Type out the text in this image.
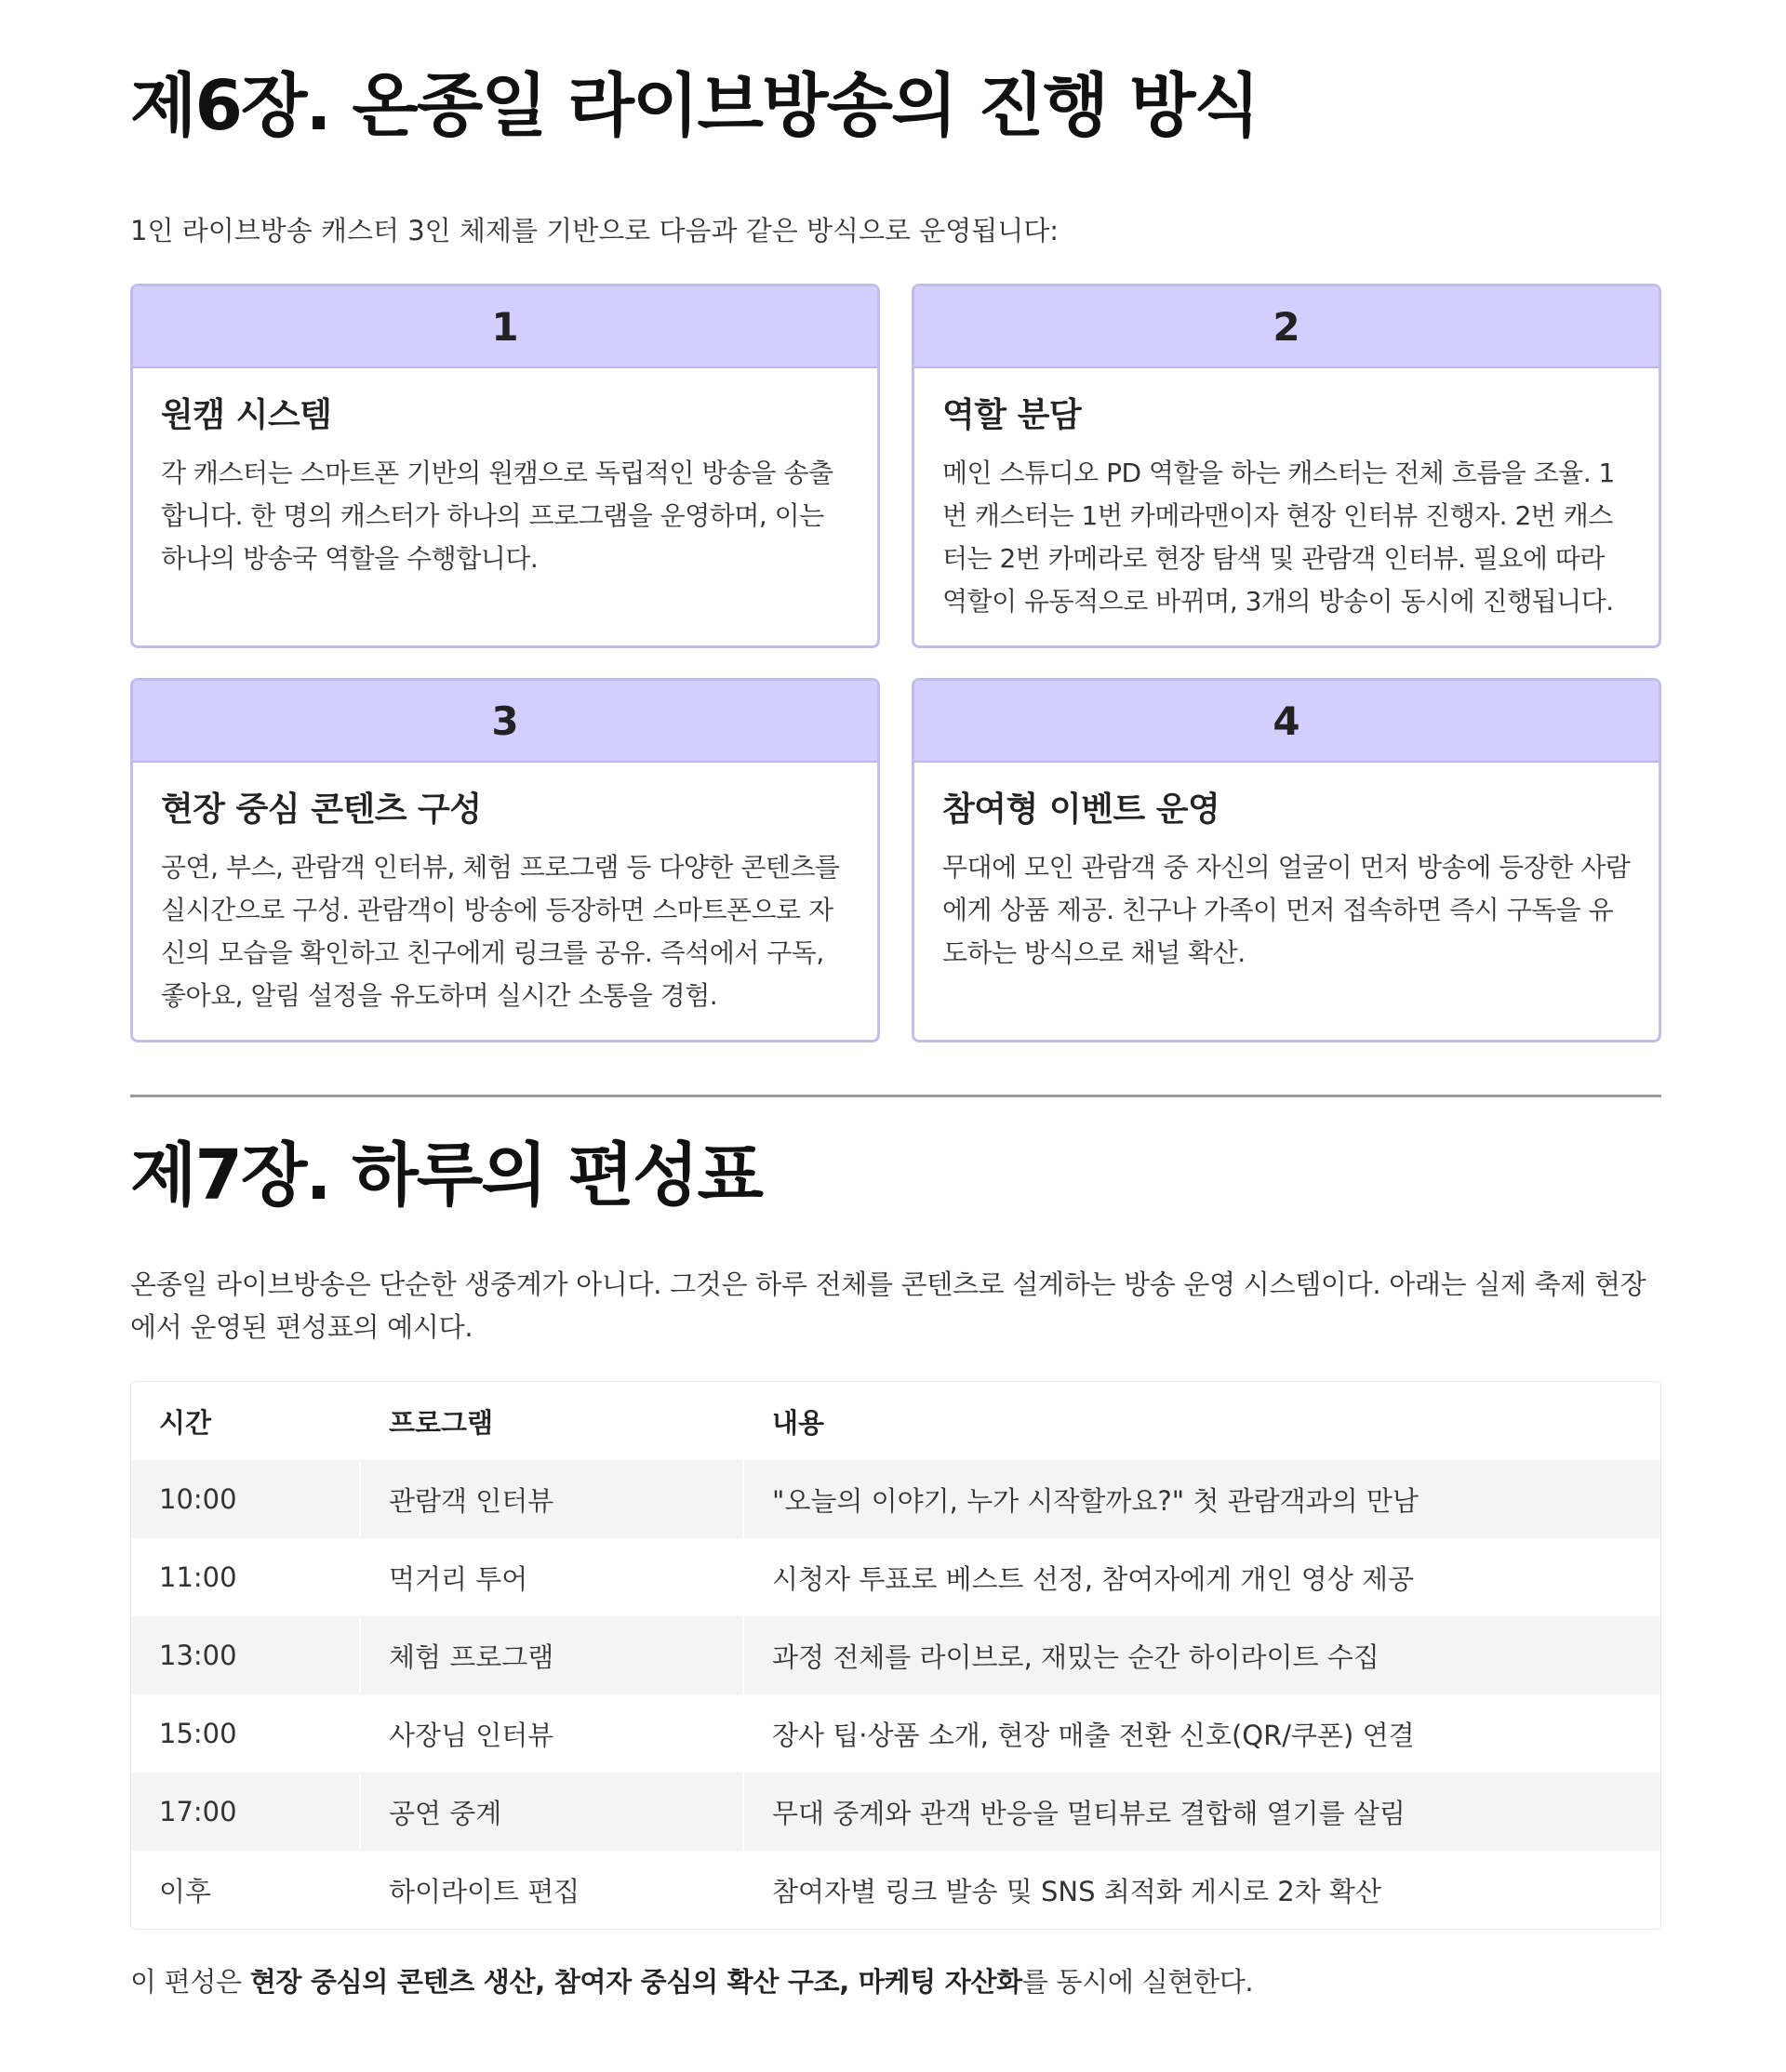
제6장. 온종일 라이브방송의 진행 방식
1인 라이브방송 캐스터 3인 체제를 기반으로 다음과 같은 방식으로 운영됩니다:
1

원캠 시스템

각 캐스터는 스마트폰 기반의 원캠으로 독립적인 방송을 송출합니다. 한 명의 캐스터가 하나의 프로그램을 운영하며, 이는 하나의 방송국 역할을 수행합니다.

2

역할 분담

메인 스튜디오 PD 역할을 하는 캐스터는 전체 흐름을 조율. 1번 캐스터는 1번 카메라맨이자 현장 인터뷰 진행자. 2번 캐스터는 2번 카메라로 현장 탐색 및 관람객 인터뷰. 필요에 따라 역할이 유동적으로 바뀌며, 3개의 방송이 동시에 진행됩니다.

3

현장 중심 콘텐츠 구성

공연, 부스, 관람객 인터뷰, 체험 프로그램 등 다양한 콘텐츠를 실시간으로 구성. 관람객이 방송에 등장하면 스마트폰으로 자신의 모습을 확인하고 친구에게 링크를 공유. 즉석에서 구독, 좋아요, 알림 설정을 유도하며 실시간 소통을 경험.

4

참여형 이벤트 운영

무대에 모인 관람객 중 자신의 얼굴이 먼저 방송에 등장한 사람에게 상품 제공. 친구나 가족이 먼저 접속하면 즉시 구독을 유도하는 방식으로 채널 확산.

제7장. 하루의 편성표

온종일 라이브방송은 단순한 생중계가 아니다. 그것은 하루 전체를 콘텐츠로 설계하는 방송 운영 시스템이다. 아래는 실제 축제 현장에서 운영된 편성표의 예시다.

시간	프로그램	내용
10:00	관람객 인터뷰	"오늘의 이야기, 누가 시작할까요?" 첫 관람객과의 만남
11:00	먹거리 투어	시청자 투표로 베스트 선정, 참여자에게 개인 영상 제공
13:00	체험 프로그램	과정 전체를 라이브로, 재밌는 순간 하이라이트 수집
15:00	사장님 인터뷰	장사 팁·상품 소개, 현장 매출 전환 신호(QR/쿠폰) 연결
17:00	공연 중계	무대 중계와 관객 반응을 멀티뷰로 결합해 열기를 살림
이후	하이라이트 편집	참여자별 링크 발송 및 SNS 최적화 게시로 2차 확산
이 편성은 현장 중심의 콘텐츠 생산, 참여자 중심의 확산 구조, 마케팅 자산화를 동시에 실현한다.
